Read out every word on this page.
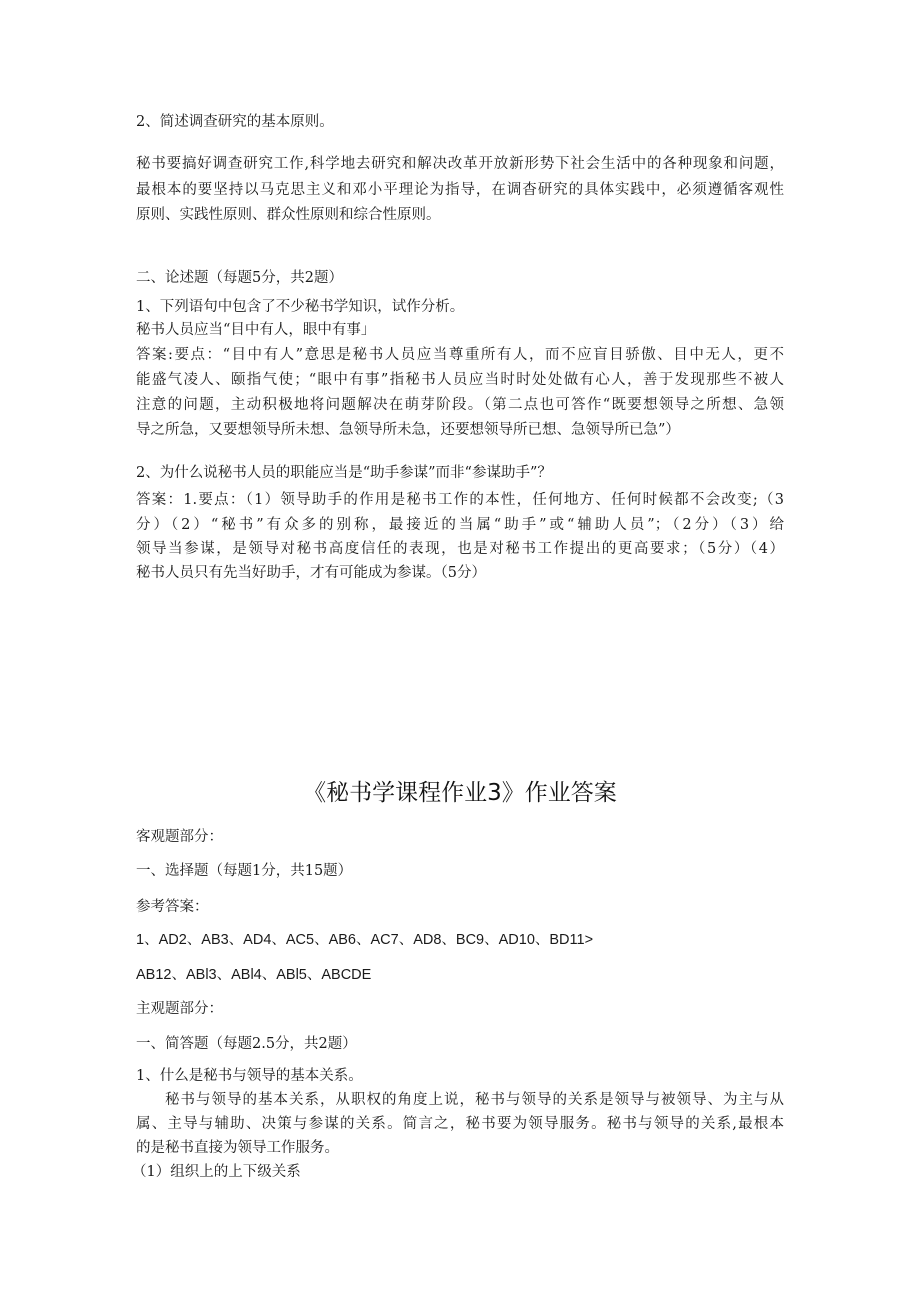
2、简述调查研究的基本原则。
秘书要搞好调查研究工作,科学地去研究和解决改革开放新形势下社会生活中的各种现象和问题，
最根本的要坚持以马克思主义和邓小平理论为指导，在调杳研究的具体实践中，必须遵循客观性
原则、实践性原则、群众性原则和综合性原则。
二、论述题（每题5分，共2题）
1、下列语句中包含了不少秘书学知识，试作分析。
秘书人员应当“目中有人，眼中有事」
答案:要点：“目中有人”意思是秘书人员应当尊重所有人，而不应盲目骄傲、目中无人，更不
能盛气凌人、颐指气使；“眼中有事”指秘书人员应当时时处处做有心人，善于发现那些不被人
注意的问题，主动积极地将问题解决在萌芽阶段。（第二点也可答作“既要想领导之所想、急领
导之所急，又要想领导所未想、急领导所未急，还要想领导所已想、急领导所已急”）
2、为什么说秘书人员的职能应当是“助手参谋”而非“参谋助手”？
答案：1.要点：（1）领导助手的作用是秘书工作的本性，任何地方、任何时候都不会改变;（3
分）（2）“秘书”有众多的别称，最接近的当属“助手”或“辅助人员”；（2分）（3）给
领导当参谋，是领导对秘书高度信任的表现，也是对秘书工作提出的更高要求；（5分）（4）
秘书人员只有先当好助手，才有可能成为参谋。（5分）
《秘书学课程作业3》作业答案
客观题部分：
一、选择题（每题1分，共15题）
参考答案：
1、AD2、AB3、AD4、AC5、AB6、AC7、AD8、BC9、AD10、BD11>
AB12、ABl3、ABl4、ABl5、ABCDE
主观题部分：
一、简答题（每题2.5分，共2题）
1、什么是秘书与领导的基本关系。
秘书与领导的基本关系，从职权的角度上说，秘书与领导的关系是领导与被领导、为主与从
属、主导与辅助、决策与参谋的关系。简言之，秘书要为领导服务。秘书与领导的关系,最根本
的是秘书直接为领导工作服务。
（1）组织上的上下级关系
